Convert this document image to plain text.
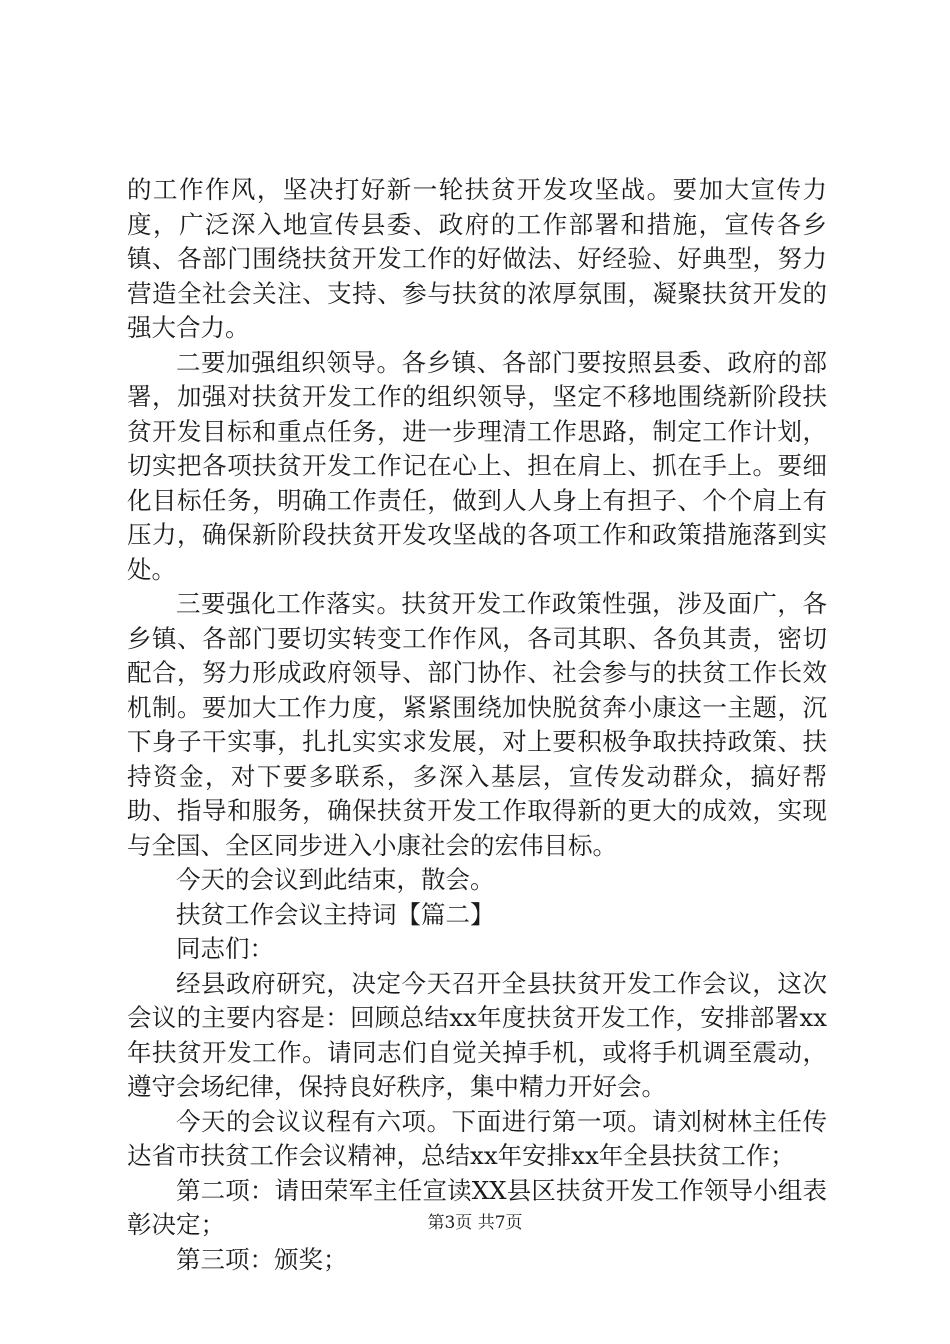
的工作作风，坚决打好新一轮扶贫开发攻坚战。要加大宣传力度，广泛深入地宣传县委、政府的工作部署和措施，宣传各乡镇、各部门围绕扶贫开发工作的好做法、好经验、好典型，努力营造全社会关注、支持、参与扶贫的浓厚氛围，凝聚扶贫开发的强大合力。

二要加强组织领导。各乡镇、各部门要按照县委、政府的部署，加强对扶贫开发工作的组织领导，坚定不移地围绕新阶段扶贫开发目标和重点任务，进一步理清工作思路，制定工作计划，切实把各项扶贫开发工作记在心上、担在肩上、抓在手上。要细化目标任务，明确工作责任，做到人人身上有担子、个个肩上有压力，确保新阶段扶贫开发攻坚战的各项工作和政策措施落到实处。

三要强化工作落实。扶贫开发工作政策性强，涉及面广，各乡镇、各部门要切实转变工作作风，各司其职、各负其责，密切配合，努力形成政府领导、部门协作、社会参与的扶贫工作长效机制。要加大工作力度，紧紧围绕加快脱贫奔小康这一主题，沉下身子干实事，扎扎实实求发展，对上要积极争取扶持政策、扶持资金，对下要多联系，多深入基层，宣传发动群众，搞好帮助、指导和服务，确保扶贫开发工作取得新的更大的成效，实现与全国、全区同步进入小康社会的宏伟目标。

今天的会议到此结束，散会。

扶贫工作会议主持词【篇二】

同志们：

经县政府研究，决定今天召开全县扶贫开发工作会议，这次会议的主要内容是：回顾总结xx年度扶贫开发工作，安排部署xx年扶贫开发工作。请同志们自觉关掉手机，或将手机调至震动，遵守会场纪律，保持良好秩序，集中精力开好会。

今天的会议议程有六项。下面进行第一项。请刘树林主任传达省市扶贫工作会议精神，总结xx年安排xx年全县扶贫工作；

第二项：请田荣军主任宣读XX县区扶贫开发工作领导小组表彰决定；

第三项：颁奖；

第3页 共7页
